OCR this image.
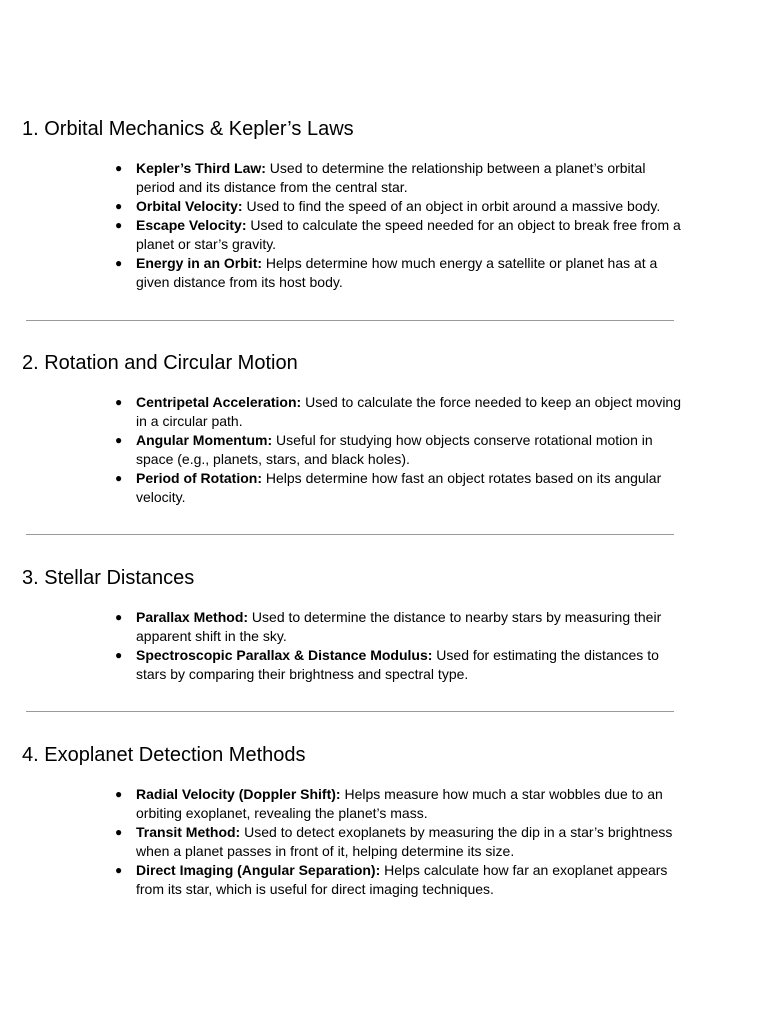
1. Orbital Mechanics & Kepler’s Laws
● Kepler’s Third Law: Used to determine the relationship between a planet’s orbital period and its distance from the central star.
● Orbital Velocity: Used to find the speed of an object in orbit around a massive body.
● Escape Velocity: Used to calculate the speed needed for an object to break free from a planet or star’s gravity.
● Energy in an Orbit: Helps determine how much energy a satellite or planet has at a given distance from its host body.
2. Rotation and Circular Motion
● Centripetal Acceleration: Used to calculate the force needed to keep an object moving in a circular path.
● Angular Momentum: Useful for studying how objects conserve rotational motion in space (e.g., planets, stars, and black holes).
● Period of Rotation: Helps determine how fast an object rotates based on its angular velocity.
3. Stellar Distances
● Parallax Method: Used to determine the distance to nearby stars by measuring their apparent shift in the sky.
● Spectroscopic Parallax & Distance Modulus: Used for estimating the distances to stars by comparing their brightness and spectral type.
4. Exoplanet Detection Methods
● Radial Velocity (Doppler Shift): Helps measure how much a star wobbles due to an orbiting exoplanet, revealing the planet’s mass.
● Transit Method: Used to detect exoplanets by measuring the dip in a star’s brightness when a planet passes in front of it, helping determine its size.
● Direct Imaging (Angular Separation): Helps calculate how far an exoplanet appears from its star, which is useful for direct imaging techniques.
